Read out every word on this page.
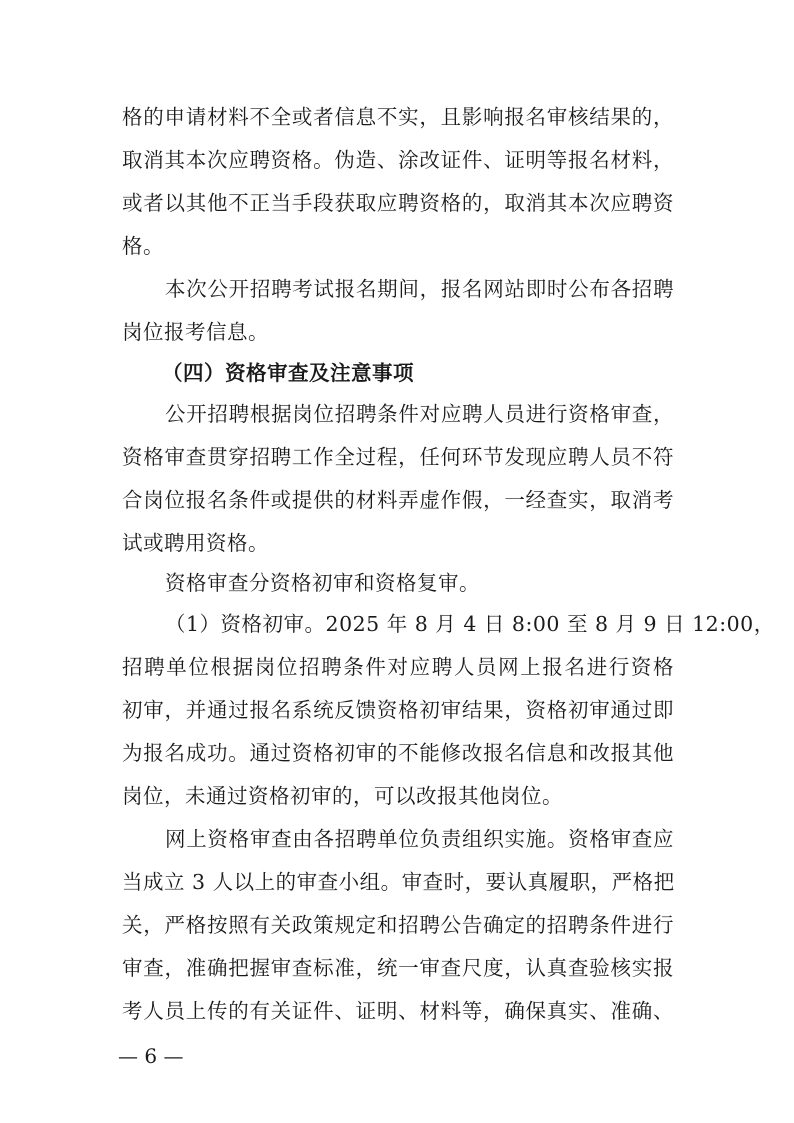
格的申请材料不全或者信息不实，且影响报名审核结果的，
取消其本次应聘资格。伪造、涂改证件、证明等报名材料，
或者以其他不正当手段获取应聘资格的，取消其本次应聘资
格。
本次公开招聘考试报名期间，报名网站即时公布各招聘
岗位报考信息。
（四）资格审查及注意事项
公开招聘根据岗位招聘条件对应聘人员进行资格审查，
资格审查贯穿招聘工作全过程，任何环节发现应聘人员不符
合岗位报名条件或提供的材料弄虚作假，一经查实，取消考
试或聘用资格。
资格审查分资格初审和资格复审。
（1）资格初审。2025 年 8 月 4 日 8:00 至 8 月 9 日 12:00，
招聘单位根据岗位招聘条件对应聘人员网上报名进行资格
初审，并通过报名系统反馈资格初审结果，资格初审通过即
为报名成功。通过资格初审的不能修改报名信息和改报其他
岗位，未通过资格初审的，可以改报其他岗位。
网上资格审查由各招聘单位负责组织实施。资格审查应
当成立 3 人以上的审查小组。审查时，要认真履职，严格把
关，严格按照有关政策规定和招聘公告确定的招聘条件进行
审查，准确把握审查标准，统一审查尺度，认真查验核实报
考人员上传的有关证件、证明、材料等，确保真实、准确、
— 6 —
